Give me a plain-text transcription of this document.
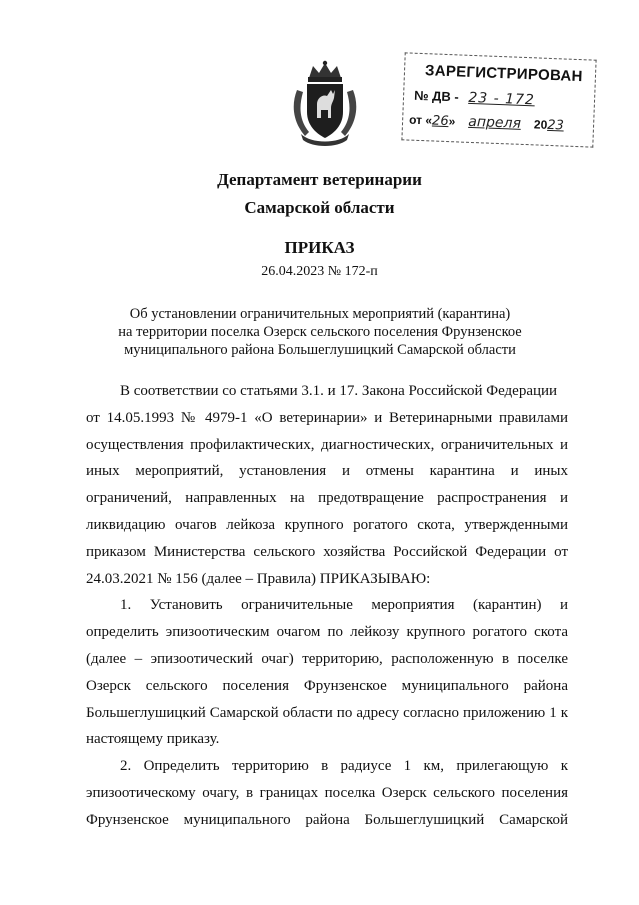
ЗАРЕГИСТРИРОВАН
№ ДВ - 23 - 172
от «26» апреля 2023
Департамент ветеринарии
Самарской области
ПРИКАЗ
26.04.2023 № 172-п
Об установлении ограничительных мероприятий (карантина)
на территории поселка Озерск сельского поселения Фрунзенское
муниципального района Большеглушицкий Самарской области
В соответствии со статьями 3.1. и 17. Закона Российской Федерации
от 14.05.1993 № 4979-1 «О ветеринарии» и Ветеринарными правилами
осуществления профилактических, диагностических, ограничительных и
иных мероприятий, установления и отмены карантина и иных
ограничений, направленных на предотвращение распространения и
ликвидацию очагов лейкоза крупного рогатого скота, утвержденными
приказом Министерства сельского хозяйства Российской Федерации от
24.03.2021 № 156 (далее – Правила) ПРИКАЗЫВАЮ:
1. Установить ограничительные мероприятия (карантин) и
определить эпизоотическим очагом по лейкозу крупного рогатого скота
(далее – эпизоотический очаг) территорию, расположенную в поселке
Озерск сельского поселения Фрунзенское муниципального района
Большеглушицкий Самарской области по адресу согласно приложению 1 к
настоящему приказу.
2. Определить территорию в радиусе 1 км, прилегающую к
эпизоотическому очагу, в границах поселка Озерск сельского поселения
Фрунзенское муниципального района Большеглушицкий Самарской
